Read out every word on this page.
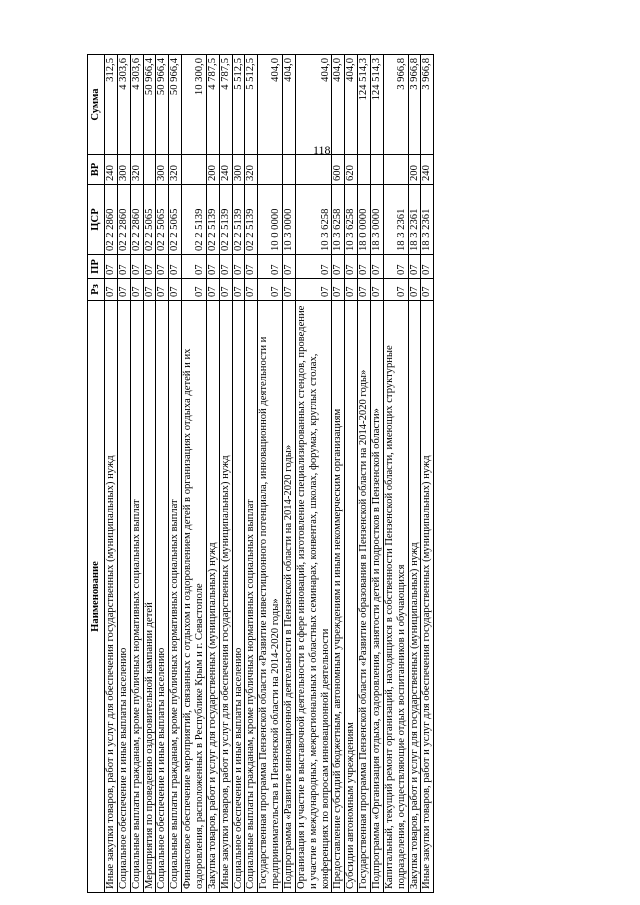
118
Наименование	Рз	ПР	ЦСР	ВР	Сумма
Иные закупки товаров, работ и услуг для обеспечения государственных (муниципальных) нужд	07	07	02 2 2860	240	312,5
Социальное обеспечение и иные выплаты населению	07	07	02 2 2860	300	4 303,6
Социальные выплаты гражданам, кроме публичных нормативных социальных выплат	07	07	02 2 2860	320	4 303,6
Мероприятия по проведению оздоровительной кампании детей	07	07	02 2 5065		50 966,4
Социальное обеспечение и иные выплаты населению	07	07	02 2 5065	300	50 966,4
Социальные выплаты гражданам, кроме публичных нормативных социальных выплат	07	07	02 2 5065	320	50 966,4
Финансовое обеспечение мероприятий, связанных с отдыхом и оздоровлением детей в организациях отдыха детей и их оздоровления, расположенных в Республике Крым и г. Севастополе	07	07	02 2 5139		10 300,0
Закупка товаров, работ и услуг для государственных (муниципальных) нужд	07	07	02 2 5139	200	4 787,5
Иные закупки товаров, работ и услуг для обеспечения государственных (муниципальных) нужд	07	07	02 2 5139	240	4 787,5
Социальное обеспечение и иные выплаты населению	07	07	02 2 5139	300	5 512,5
Социальные выплаты гражданам, кроме публичных нормативных социальных выплат	07	07	02 2 5139	320	5 512,5
Государственная программа Пензенской области «Развитие инвестиционного потенциала, инновационной деятельности и предпринимательства в Пензенской области на 2014-2020 годы»	07	07	10 0 0000		404,0
Подпрограмма «Развитие инновационной деятельности в Пензенской области на 2014-2020 годы»	07	07	10 3 0000		404,0
Организация и участие в выставочной деятельности в сфере инноваций, изготовление специализированных стендов, проведение и участие в международных, межрегиональных и областных семинарах, конвентах, школах, форумах, круглых столах, конференциях по вопросам инновационной деятельности	07	07	10 3 6258		404,0
Предоставление субсидий бюджетным, автономным учреждениям и иным некоммерческим организациям	07	07	10 3 6258	600	404,0
Субсидии автономным учреждениям	07	07	10 3 6258	620	404,0
Государственная программа Пензенской области «Развитие образования в Пензенской области на 2014-2020 годы»	07	07	18 0 0000		124 514,3
Подпрограмма «Организация отдыха, оздоровления, занятости детей и подростков в Пензенской области»	07	07	18 3 0000		124 514,3
Капитальный, текущий ремонт организаций, находящихся в собственности Пензенской области, имеющих структурные подразделения, осуществляющие отдых воспитанников и обучающихся	07	07	18 3 2361		3 966,8
Закупка товаров, работ и услуг для государственных (муниципальных) нужд	07	07	18 3 2361	200	3 966,8
Иные закупки товаров, работ и услуг для обеспечения государственных (муниципальных) нужд	07	07	18 3 2361	240	3 966,8
